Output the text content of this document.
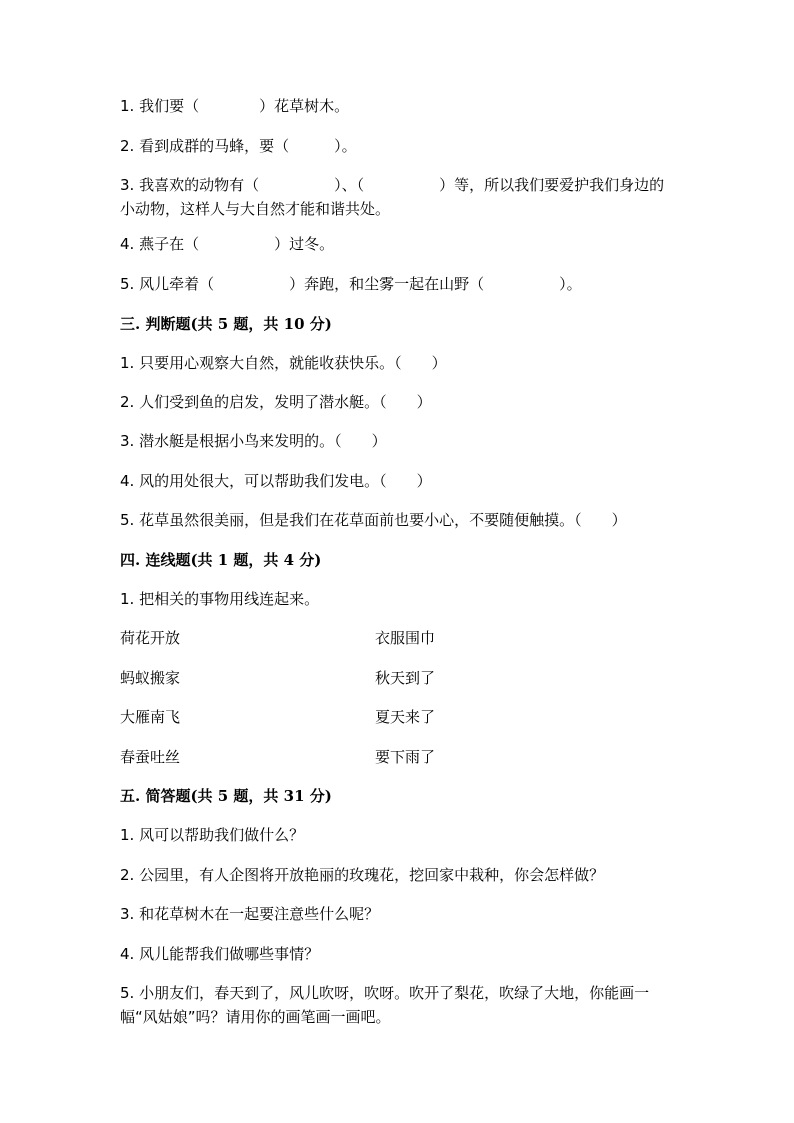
1. 我们要（　　　　）花草树木。
2. 看到成群的马蜂，要（　　　）。
3. 我喜欢的动物有（　　　　　）、（　　　　　）等，所以我们要爱护我们身边的小动物，这样人与大自然才能和谐共处。
4. 燕子在（　　　　　）过冬。
5. 风儿牵着（　　　　　）奔跑，和尘雾一起在山野（　　　　　）。
三. 判断题(共 5 题，共 10 分)
1. 只要用心观察大自然，就能收获快乐。（　　）
2. 人们受到鱼的启发，发明了潜水艇。（　　）
3. 潜水艇是根据小鸟来发明的。（　　）
4. 风的用处很大，可以帮助我们发电。（　　）
5. 花草虽然很美丽，但是我们在花草面前也要小心，不要随便触摸。（　　）
四. 连线题(共 1 题，共 4 分)
1. 把相关的事物用线连起来。
荷花开放	衣服围巾
蚂蚁搬家	秋天到了
大雁南飞	夏天来了
春蚕吐丝	要下雨了
五. 简答题(共 5 题，共 31 分)
1. 风可以帮助我们做什么？
2. 公园里，有人企图将开放艳丽的玫瑰花，挖回家中栽种，你会怎样做？
3. 和花草树木在一起要注意些什么呢？
4. 风儿能帮我们做哪些事情？
5. 小朋友们，春天到了，风儿吹呀，吹呀。吹开了梨花，吹绿了大地，你能画一幅“风姑娘”吗？请用你的画笔画一画吧。
